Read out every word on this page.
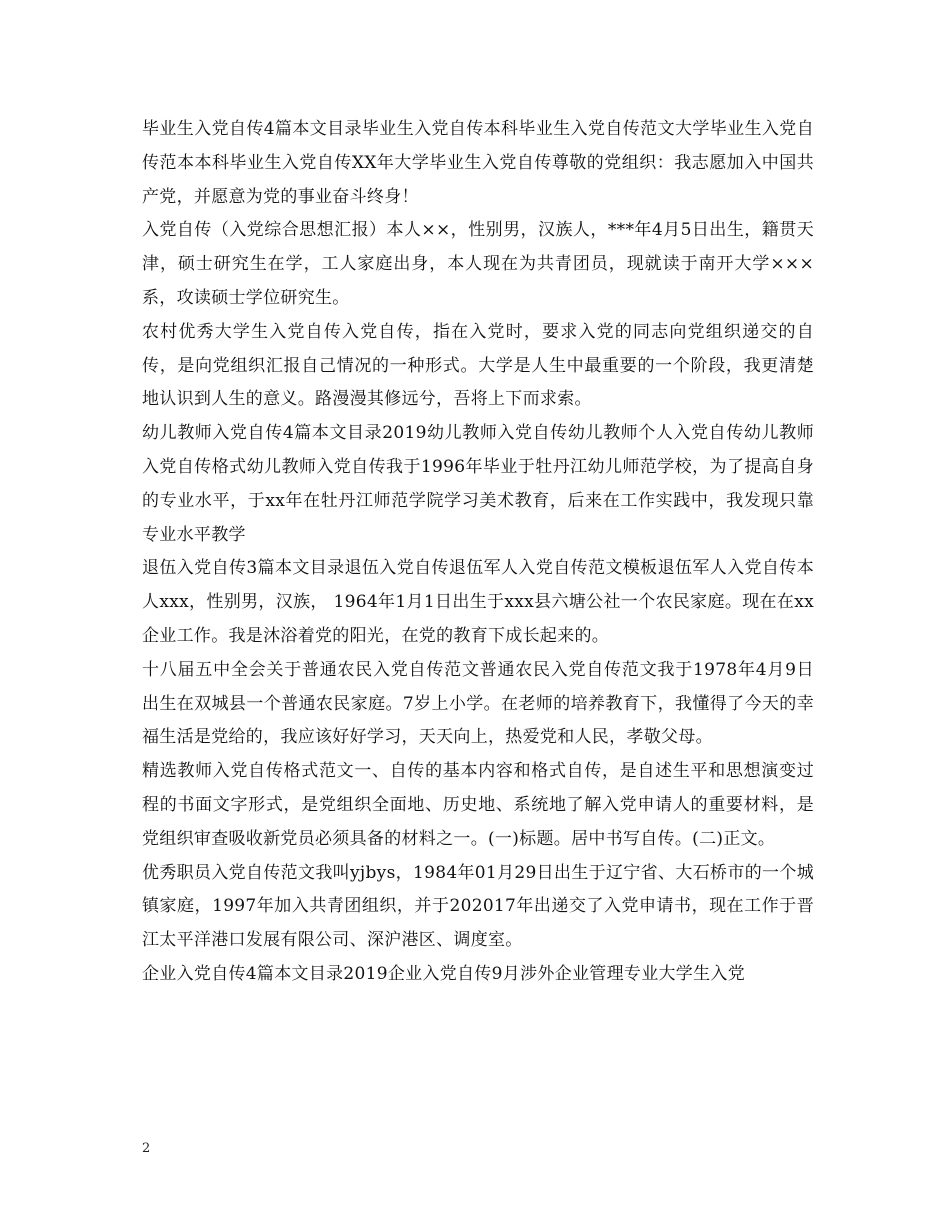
毕业生入党自传4篇本文目录毕业生入党自传本科毕业生入党自传范文大学毕业生入党自传范本本科毕业生入党自传XX年大学毕业生入党自传尊敬的党组织：我志愿加入中国共产党，并愿意为党的事业奋斗终身！

入党自传（入党综合思想汇报）本人××，性别男，汉族人，***年4月5日出生，籍贯天津，硕士研究生在学，工人家庭出身，本人现在为共青团员，现就读于南开大学×××系，攻读硕士学位研究生。

农村优秀大学生入党自传入党自传，指在入党时，要求入党的同志向党组织递交的自传，是向党组织汇报自己情况的一种形式。大学是人生中最重要的一个阶段，我更清楚地认识到人生的意义。路漫漫其修远兮，吾将上下而求索。

幼儿教师入党自传4篇本文目录2019幼儿教师入党自传幼儿教师个人入党自传幼儿教师入党自传格式幼儿教师入党自传我于1996年毕业于牡丹江幼儿师范学校，为了提高自身的专业水平，于xx年在牡丹江师范学院学习美术教育，后来在工作实践中，我发现只靠专业水平教学

退伍入党自传3篇本文目录退伍入党自传退伍军人入党自传范文模板退伍军人入党自传本人xxx，性别男，汉族， 1964年1月1日出生于xxx县六塘公社一个农民家庭。现在在xx企业工作。我是沐浴着党的阳光，在党的教育下成长起来的。

十八届五中全会关于普通农民入党自传范文普通农民入党自传范文我于1978年4月9日出生在双城县一个普通农民家庭。7岁上小学。在老师的培养教育下，我懂得了今天的幸福生活是党给的，我应该好好学习，天天向上，热爱党和人民，孝敬父母。

精选教师入党自传格式范文一、自传的基本内容和格式自传，是自述生平和思想演变过程的书面文字形式，是党组织全面地、历史地、系统地了解入党申请人的重要材料，是党组织审查吸收新党员必须具备的材料之一。(一)标题。居中书写自传。(二)正文。

优秀职员入党自传范文我叫yjbys，1984年01月29日出生于辽宁省、大石桥市的一个城镇家庭，1997年加入共青团组织，并于202017年出递交了入党申请书，现在工作于晋江太平洋港口发展有限公司、深沪港区、调度室。

企业入党自传4篇本文目录2019企业入党自传9月涉外企业管理专业大学生入党

2
